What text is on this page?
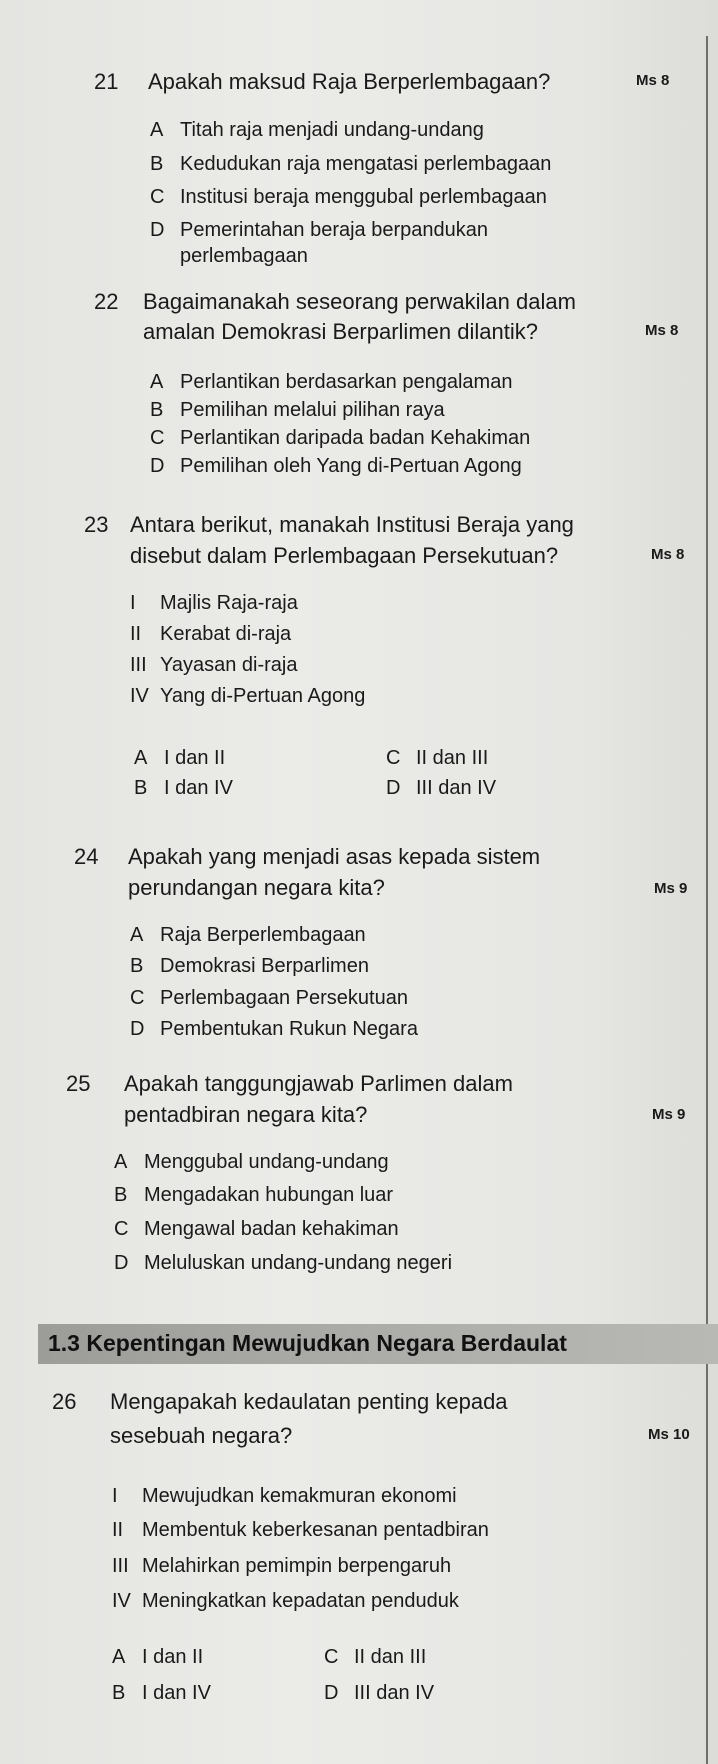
21 Apakah maksud Raja Berperlembagaan?	Ms 8
A Titah raja menjadi undang-undang
B Kedudukan raja mengatasi perlembagaan
C Institusi beraja menggubal perlembagaan
D Pemerintahan beraja berpandukan
perlembagaan
22 Bagaimanakah seseorang perwakilan dalam
amalan Demokrasi Berparlimen dilantik?	Ms 8
A Perlantikan berdasarkan pengalaman
B Pemilihan melalui pilihan raya
C Perlantikan daripada badan Kehakiman
D Pemilihan oleh Yang di-Pertuan Agong
23 Antara berikut, manakah Institusi Beraja yang
disebut dalam Perlembagaan Persekutuan?	Ms 8
I Majlis Raja-raja
II Kerabat di-raja
III Yayasan di-raja
IV Yang di-Pertuan Agong
A I dan II	C II dan III
B I dan IV	D III dan IV
24 Apakah yang menjadi asas kepada sistem
perundangan negara kita?	Ms 9
A Raja Berperlembagaan
B Demokrasi Berparlimen
C Perlembagaan Persekutuan
D Pembentukan Rukun Negara
25 Apakah tanggungjawab Parlimen dalam
pentadbiran negara kita?	Ms 9
A Menggubal undang-undang
B Mengadakan hubungan luar
C Mengawal badan kehakiman
D Meluluskan undang-undang negeri
1.3 Kepentingan Mewujudkan Negara Berdaulat
26 Mengapakah kedaulatan penting kepada
sesebuah negara?	Ms 10
I Mewujudkan kemakmuran ekonomi
II Membentuk keberkesanan pentadbiran
III Melahirkan pemimpin berpengaruh
IV Meningkatkan kepadatan penduduk
A I dan II	C II dan III
B I dan IV	D III dan IV
